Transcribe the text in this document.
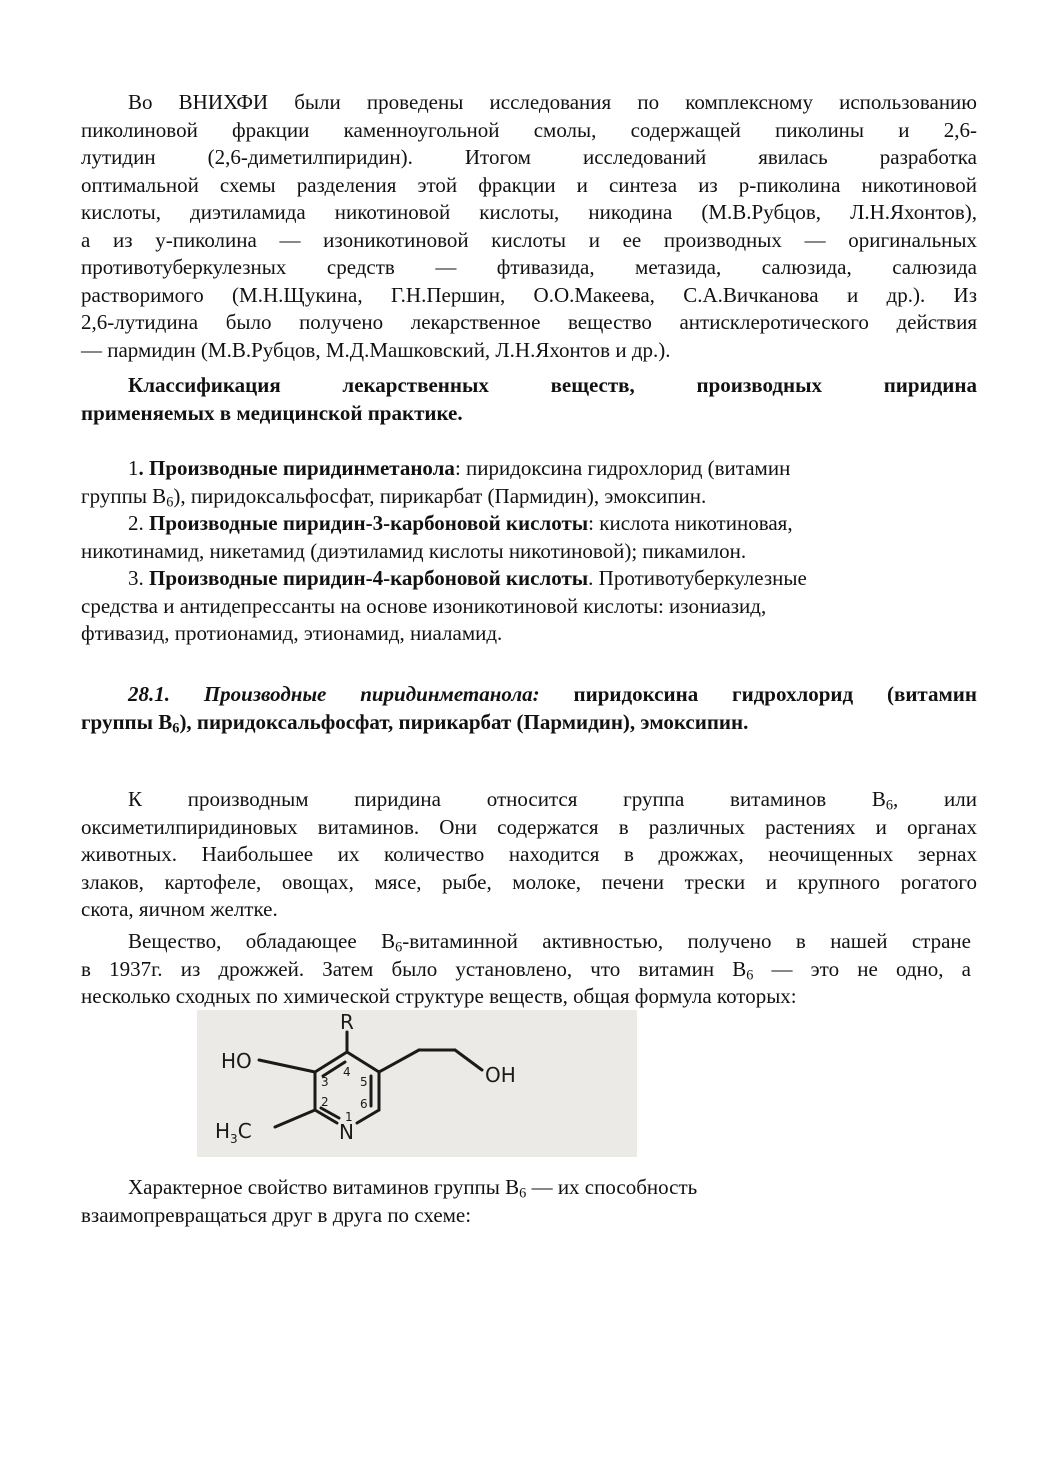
Во ВНИХФИ были проведены исследования по комплексному использованию
пиколиновой фракции каменноугольной смолы, содержащей пиколины и 2,6-
лутидин (2,6-диметилпиридин). Итогом исследований явилась разработка
оптимальной схемы разделения этой фракции и синтеза из р-пиколина никотиновой
кислоты, диэтиламида никотиновой кислоты, никодина (М.В.Рубцов, Л.Н.Яхонтов),
а из у-пиколина — изоникотиновой кислоты и ее производных — оригинальных
противотуберкулезных средств — фтивазида, метазида, салюзида, салюзида
растворимого (М.Н.Щукина, Г.Н.Першин, О.О.Макеева, С.А.Вичканова и др.). Из
2,6-лутидина было получено лекарственное вещество антисклеротического действия
— пармидин (М.В.Рубцов, М.Д.Машковский, Л.Н.Яхонтов и др.).
Классификация лекарственных веществ, производных пиридина
применяемых в медицинской практике.
1. Производные пиридинметанола: пиридоксина гидрохлорид (витамин
группы $В_6$), пиридоксальфосфат, пирикарбат (Пармидин), эмоксипин.
2. Производные пиридин-3-карбоновой кислоты: кислота никотиновая,
никотинамид, никетамид (диэтиламид кислоты никотиновой); пикамилон.
3. Производные пиридин-4-карбоновой кислоты. Противотуберкулезные
средства и антидепрессанты на основе изоникотиновой кислоты: изониазид,
фтивазид, протионамид, этионамид, ниаламид.
28.1. Производные пиридинметанола: пиридоксина гидрохлорид (витамин
группы $В_6$), пиридоксальфосфат, пирикарбат (Пармидин), эмоксипин.
К производным пиридина относится группа витаминов $В_6$, или
оксиметилпиридиновых витаминов. Они содержатся в различных растениях и органах
животных. Наибольшее их количество находится в дрожжах, неочищенных зернах
злаков, картофеле, овощах, мясе, рыбе, молоке, печени трески и крупного рогатого
скота, яичном желтке.
Вещество, обладающее $В_6$-витаминной активностью, получено в нашей стране
в 1937г. из дрожжей. Затем было установлено, что витамин $В_6$ — это не одно, а
несколько сходных по химической структуре веществ, общая формула которых:
R
HO
OH
$H_3C$	N
1
2
3
4
5
6
Характерное свойство витаминов группы $В_6$ — их способность
взаимопревращаться друг в друга по схеме:
